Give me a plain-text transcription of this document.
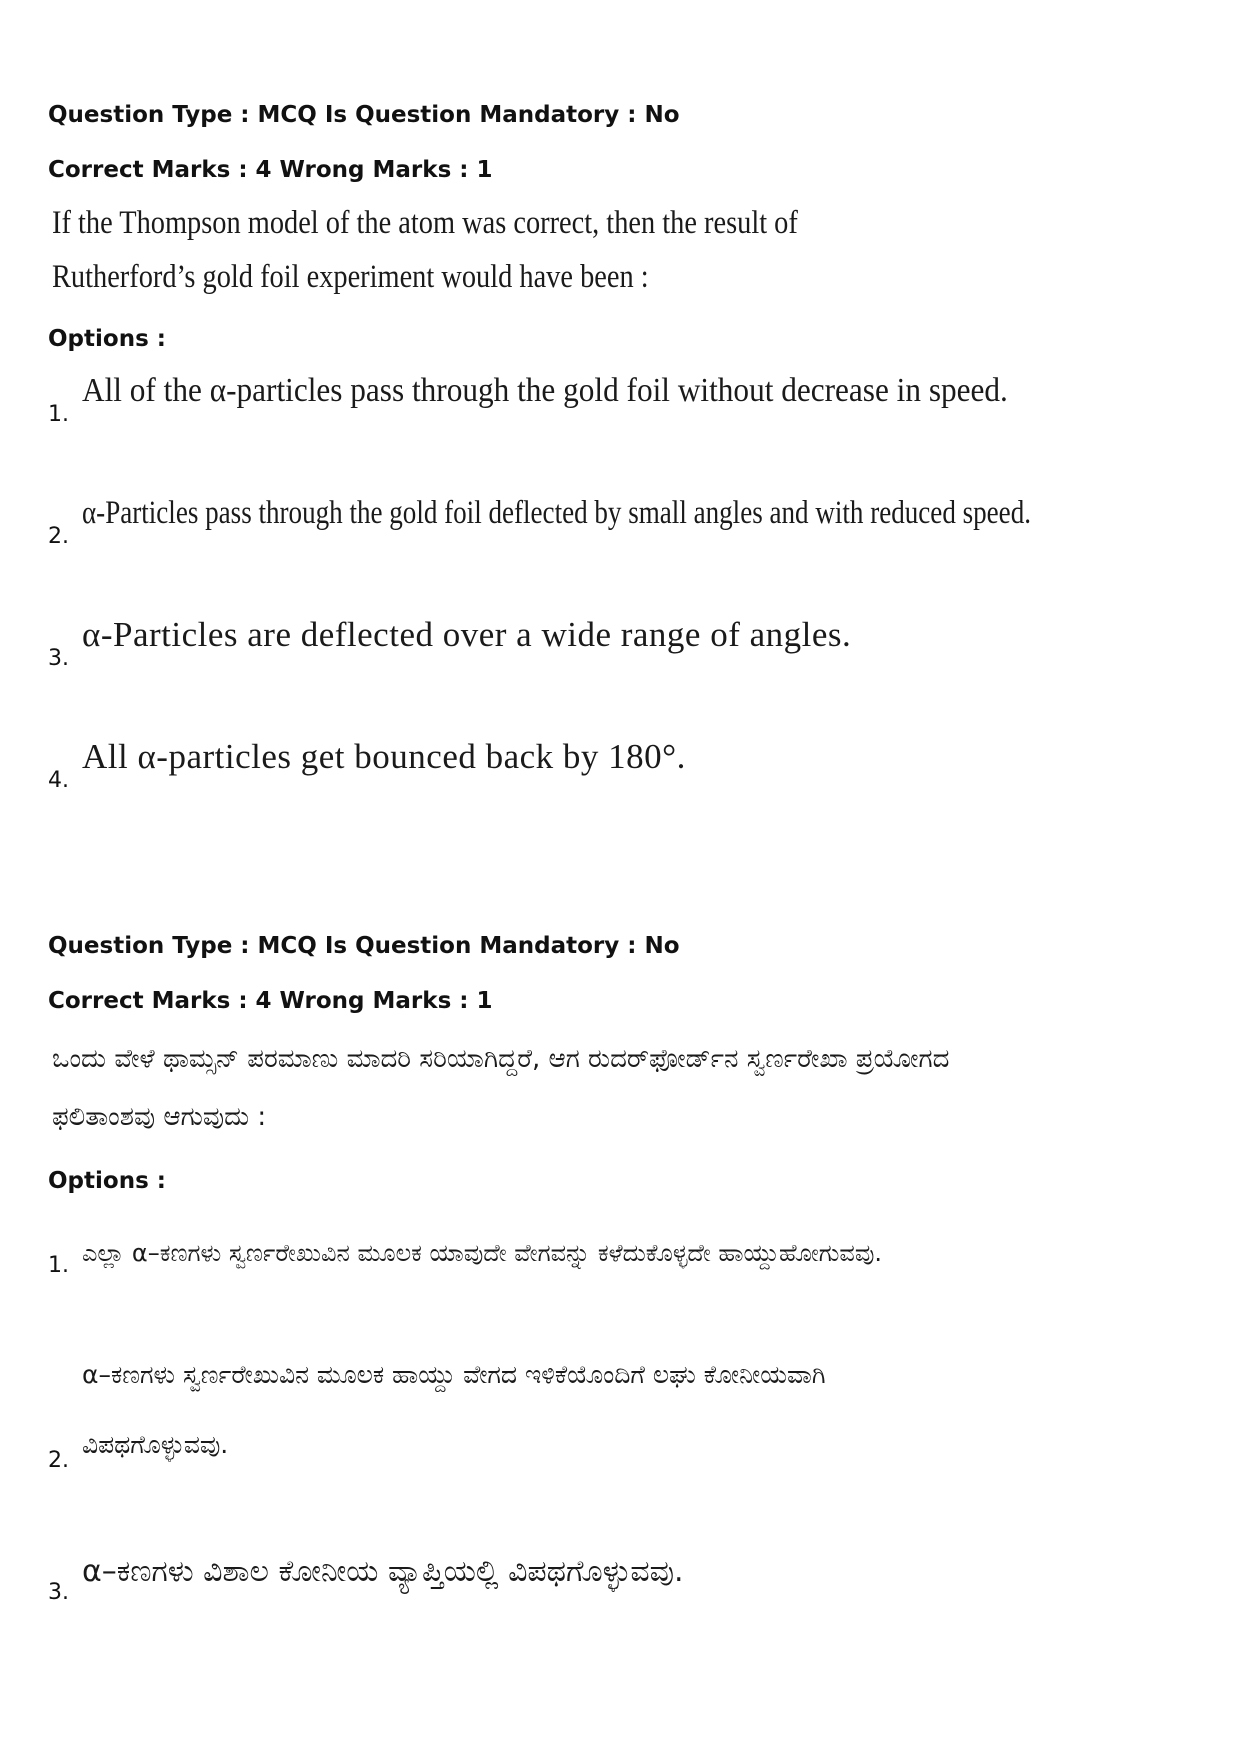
Question Type : MCQ Is Question Mandatory : No
Correct Marks : 4 Wrong Marks : 1
If the Thompson model of the atom was correct, then the result of Rutherford’s gold foil experiment would have been :
Options :
1.
All of the α-particles pass through the gold foil without decrease in speed.
2.
α-Particles pass through the gold foil deflected by small angles and with reduced speed.
3.
α-Particles are deflected over a wide range of angles.
4.
All α-particles get bounced back by 180°.
Question Type : MCQ Is Question Mandatory : No
Correct Marks : 4 Wrong Marks : 1
ಒಂದು ವೇಳೆ ಥಾಮ್ಸನ್ ಪರಮಾಣು ಮಾದರಿ ಸರಿಯಾಗಿದ್ದರೆ, ಆಗ ರುದರ್‌ಫೋರ್ಡ್‌ನ ಸ್ವರ್ಣರೇಖಾ ಪ್ರಯೋಗದ ಫಲಿತಾಂಶವು ಆಗುವುದು :
Options :
1. ಎಲ್ಲಾ α–ಕಣಗಳು ಸ್ವರ್ಣರೇಖುವಿನ ಮೂಲಕ ಯಾವುದೇ ವೇಗವನ್ನು ಕಳೆದುಕೊಳ್ಳದೇ ಹಾಯ್ದುಹೋಗುವವು.
2.
α–ಕಣಗಳು ಸ್ವರ್ಣರೇಖುವಿನ ಮೂಲಕ ಹಾಯ್ದು ವೇಗದ ಇಳಿಕೆಯೊಂದಿಗೆ ಲಘು ಕೋನೀಯವಾಗಿ ವಿಪಥಗೊಳ್ಳುವವು.
3.
α–ಕಣಗಳು ವಿಶಾಲ ಕೋನೀಯ ವ್ಯಾಪ್ತಿಯಲ್ಲಿ ವಿಪಥಗೊಳ್ಳುವವು.
